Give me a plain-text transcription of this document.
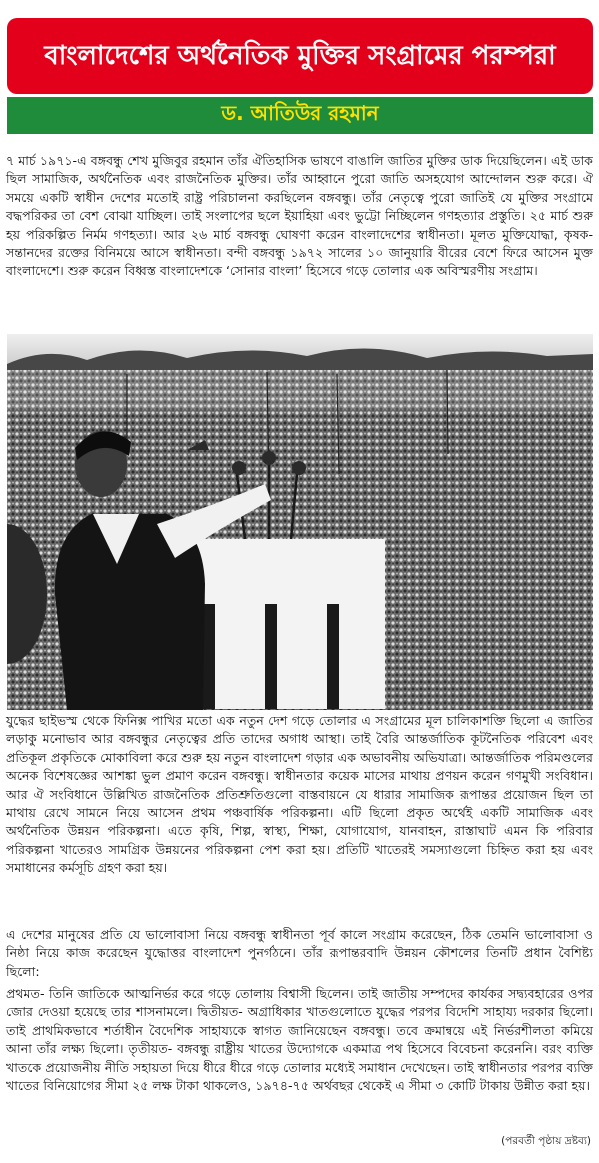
বাংলাদেশের অর্থনৈতিক মুক্তির সংগ্রামের পরম্পরা
ড. আতিউর রহমান

৭ মার্চ ১৯৭১-এ বঙ্গবন্ধু শেখ মুজিবুর রহমান তাঁর ঐতিহাসিক ভাষণে বাঙালি জাতির মুক্তির ডাক দিয়েছিলেন। এই ডাক ছিল সামাজিক, অর্থনৈতিক এবং রাজনৈতিক মুক্তির। তাঁর আহ্বানে পুরো জাতি অসহযোগ আন্দোলন শুরু করে। ঐ সময়ে একটি স্বাধীন দেশের মতোই রাষ্ট্র পরিচালনা করছিলেন বঙ্গবন্ধু। তাঁর নেতৃত্বে পুরো জাতিই যে মুক্তির সংগ্রামে বদ্ধপরিকর তা বেশ বোঝা যাচ্ছিল। তাই সংলাপের ছলে ইয়াহিয়া এবং ভুট্টো নিচ্ছিলেন গণহত্যার প্রস্তুতি। ২৫ মার্চ শুরু হয় পরিকল্পিত নির্মম গণহত্যা। আর ২৬ মার্চ বঙ্গবন্ধু ঘোষণা করেন বাংলাদেশের স্বাধীনতা। মূলত মুক্তিযোদ্ধা, কৃষক-সন্তানদের রক্তের বিনিময়ে আসে স্বাধীনতা। বন্দী বঙ্গবন্ধু ১৯৭২ সালের ১০ জানুয়ারি বীরের বেশে ফিরে আসেন মুক্ত বাংলাদেশে। শুরু করেন বিধ্বস্ত বাংলাদেশকে ‘সোনার বাংলা’ হিসেবে গড়ে তোলার এক অবিস্মরণীয় সংগ্রাম।

যুদ্ধের ছাইভস্ম থেকে ফিনিক্স পাখির মতো এক নতুন দেশ গড়ে তোলার এ সংগ্রামের মূল চালিকাশক্তি ছিলো এ জাতির লড়াকু মনোভাব আর বঙ্গবন্ধুর নেতৃত্বের প্রতি তাদের অগাধ আস্থা। তাই বৈরি আন্তর্জাতিক কূটনৈতিক পরিবেশ এবং প্রতিকূল প্রকৃতিকে মোকাবিলা করে শুরু হয় নতুন বাংলাদেশ গড়ার এক অভাবনীয় অভিযাত্রা। আন্তর্জাতিক পরিমণ্ডলের অনেক বিশেষজ্ঞের আশঙ্কা ভুল প্রমাণ করেন বঙ্গবন্ধু। স্বাধীনতার কয়েক মাসের মাথায় প্রণয়ন করেন গণমুখী সংবিধান। আর ঐ সংবিধানে উল্লিখিত রাজনৈতিক প্রতিশ্রুতিগুলো বাস্তবায়নে যে ধারার সামাজিক রূপান্তর প্রয়োজন ছিল তা মাথায় রেখে সামনে নিয়ে আসেন প্রথম পঞ্চবার্ষিক পরিকল্পনা। এটি ছিলো প্রকৃত অর্থেই একটি সামাজিক এবং অর্থনৈতিক উন্নয়ন পরিকল্পনা। এতে কৃষি, শিল্প, স্বাস্থ্য, শিক্ষা, যোগাযোগ, যানবাহন, রাস্তাঘাট এমন কি পরিবার পরিকল্পনা খাতেরও সামগ্রিক উন্নয়নের পরিকল্পনা পেশ করা হয়। প্রতিটি খাতেরই সমস্যাগুলো চিহ্নিত করা হয় এবং সমাধানের কর্মসূচি গ্রহণ করা হয়।

এ দেশের মানুষের প্রতি যে ভালোবাসা নিয়ে বঙ্গবন্ধু স্বাধীনতা পূর্ব কালে সংগ্রাম করেছেন, ঠিক তেমনি ভালোবাসা ও নিষ্ঠা নিয়ে কাজ করেছেন যুদ্ধোত্তর বাংলাদেশ পুনর্গঠনে। তাঁর রূপান্তরবাদি উন্নয়ন কৌশলের তিনটি প্রধান বৈশিষ্ট্য ছিলো:

প্রথমত- তিনি জাতিকে আত্মনির্ভর করে গড়ে তোলায় বিশ্বাসী ছিলেন। তাই জাতীয় সম্পদের কার্যকর সদ্ব্যবহারের ওপর জোর দেওয়া হয়েছে তার শাসনামলে। দ্বিতীয়ত- অগ্রাধিকার খাতগুলোতে যুদ্ধের পরপর বিদেশি সাহায্য দরকার ছিলো। তাই প্রাথমিকভাবে শর্তাধীন বৈদেশিক সাহায্যকে স্বাগত জানিয়েছেন বঙ্গবন্ধু। তবে ক্রমান্বয়ে এই নির্ভরশীলতা কমিয়ে আনা তাঁর লক্ষ্য ছিলো। তৃতীয়ত- বঙ্গবন্ধু রাষ্ট্রীয় খাতের উদ্যোগকে একমাত্র পথ হিসেবে বিবেচনা করেননি। বরং ব্যক্তি খাতকে প্রয়োজনীয় নীতি সহায়তা দিয়ে ধীরে ধীরে গড়ে তোলার মধ্যেই সমাধান দেখেছেন। তাই স্বাধীনতার পরপর ব্যক্তি খাতের বিনিয়োগের সীমা ২৫ লক্ষ টাকা থাকলেও, ১৯৭৪-৭৫ অর্থবছর থেকেই এ সীমা ৩ কোটি টাকায় উন্নীত করা হয়।

(পরবর্তী পৃষ্ঠায় দ্রষ্টব্য)
